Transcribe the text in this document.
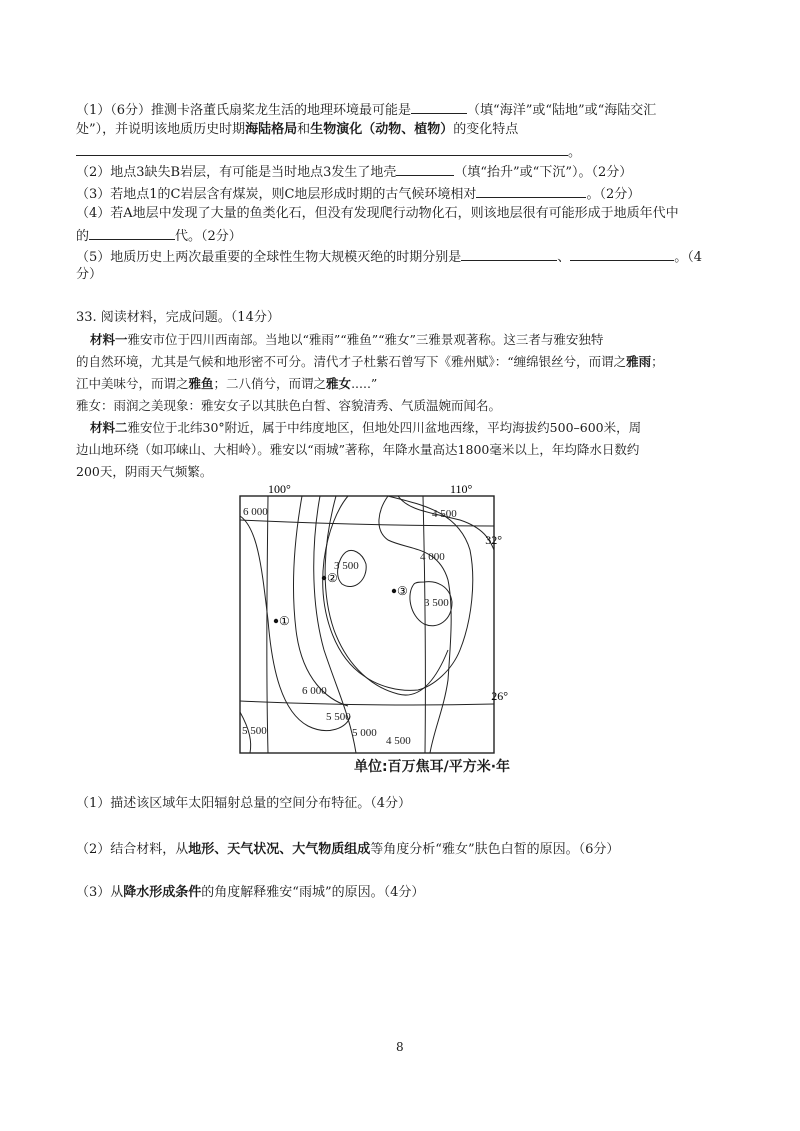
（1）（6分）推测卡洛董氏扇桨龙生活的地理环境最可能是	（填“海洋”或“陆地”或“海陆交汇
处”），并说明该地质历史时期海陆格局和生物演化（动物、植物）的变化特点
。
（2）地点3缺失B岩层，有可能是当时地点3发生了地壳	（填“抬升”或“下沉”）。（2分）
（3）若地点1的C岩层含有煤炭，则C地层形成时期的古气候环境相对	。（2分）
（4）若A地层中发现了大量的鱼类化石，但没有发现爬行动物化石，则该地层很有可能形成于地质年代中
的	代。（2分）
（5）地质历史上两次最重要的全球性生物大规模灭绝的时期分别是	、	。（4
分）
33. 阅读材料，完成问题。（14分）
材料一雅安市位于四川西南部。当地以“雅雨”“雅鱼”“雅女”三雅景观著称。这三者与雅安独特
的自然环境，尤其是气候和地形密不可分。清代才子杜紫石曾写下《雅州赋》：“缠绵银丝兮，而谓之雅雨；
江中美味兮，而谓之雅鱼；二八俏兮，而谓之雅女.....”
雅女：雨润之美现象：雅安女子以其肤色白皙、容貌清秀、气质温婉而闻名。
材料二雅安位于北纬30°附近，属于中纬度地区，但地处四川盆地西缘，平均海拔约500–600米，周
边山地环绕（如邛崃山、大相岭）。雅安以“雨城”著称，年降水量高达1800毫米以上，年均降水日数约
200天，阴雨天气频繁。
100°	110°
32°
26°
6 000	4 500
4 000
3 500
3 500
6 000
5 500
5 500
5 000
4 500
①
②
③
单位:百万焦耳/平方米·年
（1）描述该区域年太阳辐射总量的空间分布特征。（4分）
（2）结合材料，从地形、天气状况、大气物质组成等角度分析“雅女”肤色白皙的原因。（6分）
（3）从降水形成条件的角度解释雅安“雨城”的原因。（4分）
8
